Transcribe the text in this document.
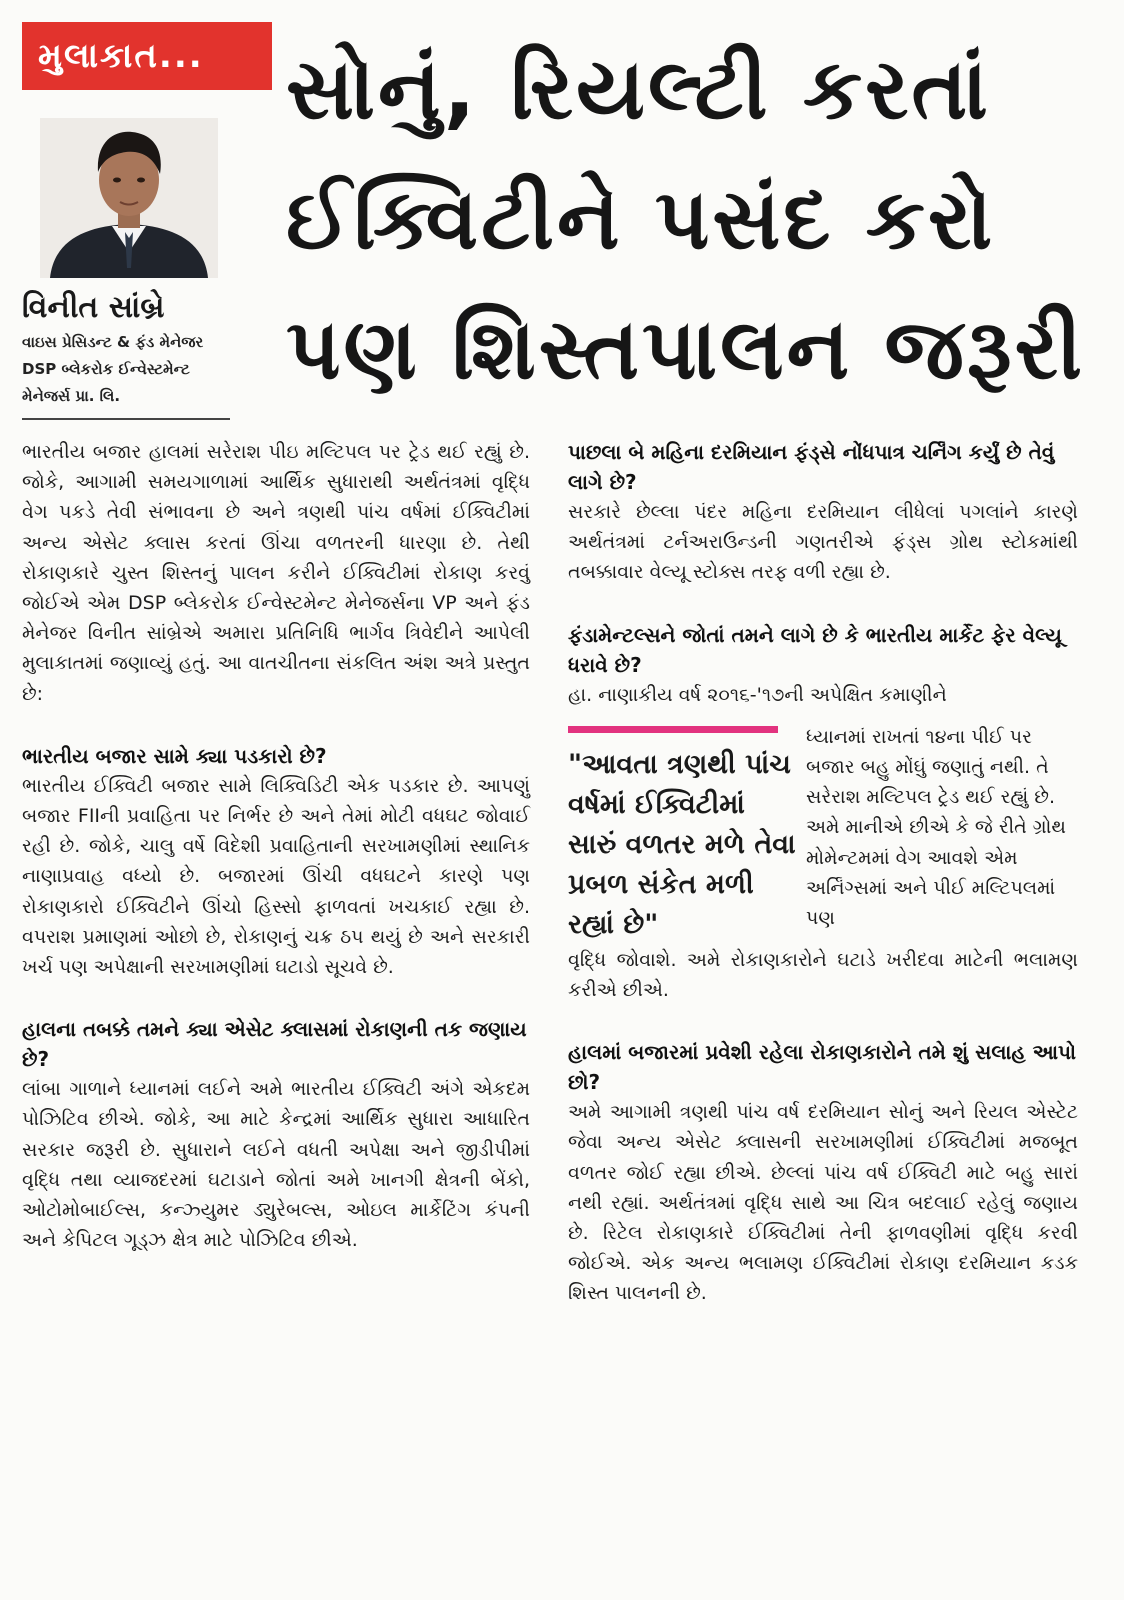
મુલાકાત... સોનું, રિયલ્ટી કરતાં
ઈક્વિટીને પસંદ કરો
પણ શિસ્તપાલન જરૂરી
વિનીત સાંબ્રે
વાઇસ પ્રેસિડન્ટ & ફંડ મેનેજર
DSP બ્લેકરોક ઈન્વેસ્ટમેન્ટ
મેનેજર્સ પ્રા. લિ.

ભારતીય બજાર હાલમાં સરેરાશ પીઇ મલ્ટિપલ પર ટ્રેડ થઈ રહ્યું છે. જોકે, આગામી સમયગાળામાં આર્થિક સુધારાથી અર્થતંત્રમાં વૃદ્ધિ વેગ પકડે તેવી સંભાવના છે અને ત્રણથી પાંચ વર્ષમાં ઈક્વિટીમાં અન્ય એસેટ ક્લાસ કરતાં ઊંચા વળતરની ધારણા છે. તેથી રોકાણકારે ચુસ્ત શિસ્તનું પાલન કરીને ઈક્વિટીમાં રોકાણ કરવું જોઈએ એમ DSP બ્લેકરોક ઈન્વેસ્ટમેન્ટ મેનેજર્સના VP અને ફંડ મેનેજર વિનીત સાંબ્રેએ અમારા પ્રતિનિધિ ભાર્ગવ ત્રિવેદીને આપેલી મુલાકાતમાં જણાવ્યું હતું. આ વાતચીતના સંકલિત અંશ અત્રે પ્રસ્તુત છે:

ભારતીય બજાર સામે ક્યા પડકારો છે?

ભારતીય ઈક્વિટી બજાર સામે લિક્વિડિટી એક પડકાર છે. આપણું બજાર FIIની પ્રવાહિતા પર નિર્ભર છે અને તેમાં મોટી વધઘટ જોવાઈ રહી છે. જોકે, ચાલુ વર્ષે વિદેશી પ્રવાહિતાની સરખામણીમાં સ્થાનિક નાણાપ્રવાહ વધ્યો છે. બજારમાં ઊંચી વધઘટને કારણે પણ રોકાણકારો ઈક્વિટીને ઊંચો હિસ્સો ફાળવતાં ખચકાઈ રહ્યા છે. વપરાશ પ્રમાણમાં ઓછો છે, રોકાણનું ચક્ર ઠપ થયું છે અને સરકારી ખર્ચ પણ અપેક્ષાની સરખામણીમાં ઘટાડો સૂચવે છે.

હાલના તબક્કે તમને ક્યા એસેટ ક્લાસમાં રોકાણની તક જણાય છે?

લાંબા ગાળાને ધ્યાનમાં લઈને અમે ભારતીય ઈક્વિટી અંગે એકદમ પોઝિટિવ છીએ. જોકે, આ માટે કેન્દ્રમાં આર્થિક સુધારા આધારિત સરકાર જરૂરી છે. સુધારાને લઈને વધતી અપેક્ષા અને જીડીપીમાં વૃદ્ધિ તથા વ્યાજદરમાં ઘટાડાને જોતાં અમે ખાનગી ક્ષેત્રની બેંકો, ઓટોમોબાઈલ્સ, કન્ઝ્યુમર ડ્યુરેબલ્સ, ઓઇલ માર્કેટિંગ કંપની અને કેપિટલ ગૂડ્ઝ ક્ષેત્ર માટે પોઝિટિવ છીએ.

પાછલા બે મહિના દરમિયાન ફંડ્સે નોંધપાત્ર ચર્નિંગ કર્યું છે તેવું લાગે છે?

સરકારે છેલ્લા પંદર મહિના દરમિયાન લીધેલાં પગલાંને કારણે અર્થતંત્રમાં ટર્નઅરાઉન્ડની ગણતરીએ ફંડ્સ ગ્રોથ સ્ટોકમાંથી તબક્કાવાર વેલ્યૂ સ્ટોક્સ તરફ વળી રહ્યા છે.

ફંડામેન્ટલ્સને જોતાં તમને લાગે છે કે ભારતીય માર્કેટ ફેર વેલ્યૂ ધરાવે છે?

હા. નાણાકીય વર્ષ ૨૦૧૬-'૧૭ની અપેક્ષિત કમાણીને

"આવતા ત્રણથી પાંચ વર્ષમાં ઈક્વિટીમાં સારું વળતર મળે તેવા પ્રબળ સંકેત મળી રહ્યાં છે"

ધ્યાનમાં રાખતાં ૧૪ના પીઈ પર બજાર બહુ મોંઘું જણાતું નથી. તે સરેરાશ મલ્ટિપલ ટ્રેડ થઈ રહ્યું છે. અમે માનીએ છીએ કે જે રીતે ગ્રોથ મોમેન્ટમમાં વેગ આવશે એમ અર્નિંગ્સમાં અને પીઈ મલ્ટિપલમાં પણ

વૃદ્ધિ જોવાશે. અમે રોકાણકારોને ઘટાડે ખરીદવા માટેની ભલામણ કરીએ છીએ.

હાલમાં બજારમાં પ્રવેશી રહેલા રોકાણકારોને તમે શું સલાહ આપો છો?

અમે આગામી ત્રણથી પાંચ વર્ષ દરમિયાન સોનું અને રિયલ એસ્ટેટ જેવા અન્ય એસેટ ક્લાસની સરખામણીમાં ઈક્વિટીમાં મજબૂત વળતર જોઈ રહ્યા છીએ. છેલ્લાં પાંચ વર્ષ ઈક્વિટી માટે બહુ સારાં નથી રહ્યાં. અર્થતંત્રમાં વૃદ્ધિ સાથે આ ચિત્ર બદલાઈ રહેલું જણાય છે. રિટેલ રોકાણકારે ઈક્વિટીમાં તેની ફાળવણીમાં વૃદ્ધિ કરવી જોઈએ. એક અન્ય ભલામણ ઈક્વિટીમાં રોકાણ દરમિયાન કડક શિસ્ત પાલનની છે.
